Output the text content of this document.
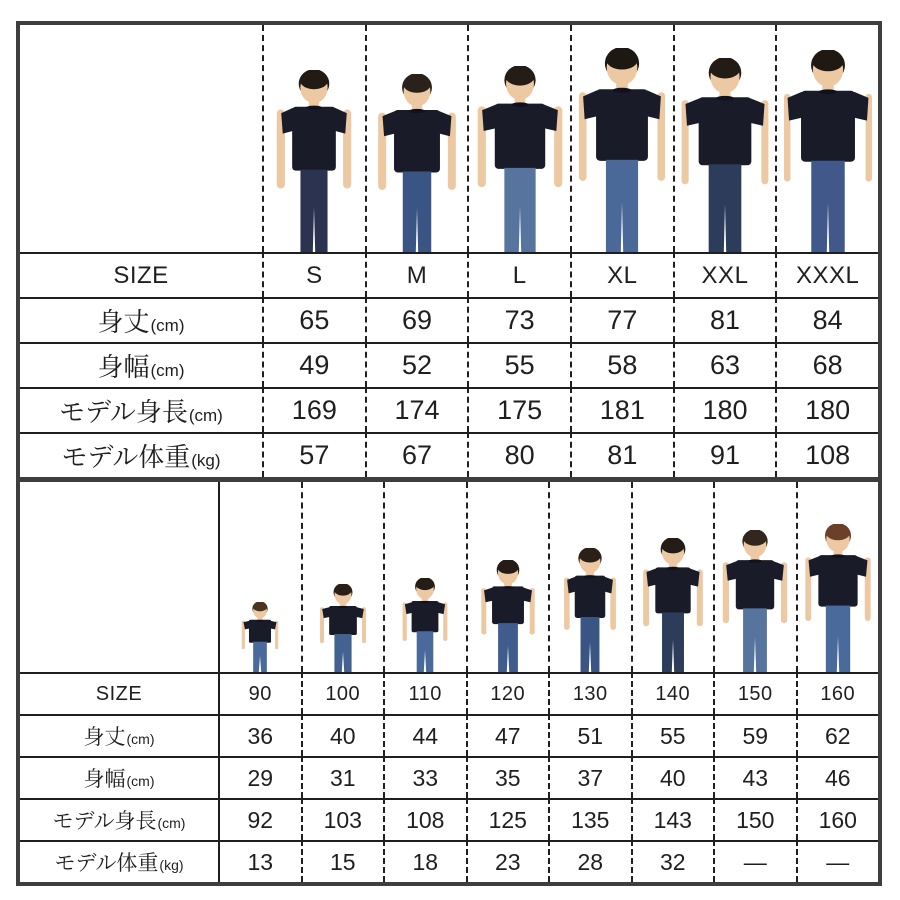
SIZE	S	M	L	XL	XXL	XXXL
身丈 (cm)	65	69	73	77	81	84
身幅 (cm)	49	52	55	58	63	68
モデル身長 (cm)	169	174	175	181	180	180
モデル体重 (kg)	57	67	80	81	91	108
SIZE	90	100	110	120	130	140	150	160
身丈 (cm)	36	40	44	47	51	55	59	62
身幅 (cm)	29	31	33	35	37	40	43	46
モデル身長 (cm)	92	103	108	125	135	143	150	160
モデル体重 (kg)	13	15	18	23	28	32	—	—
